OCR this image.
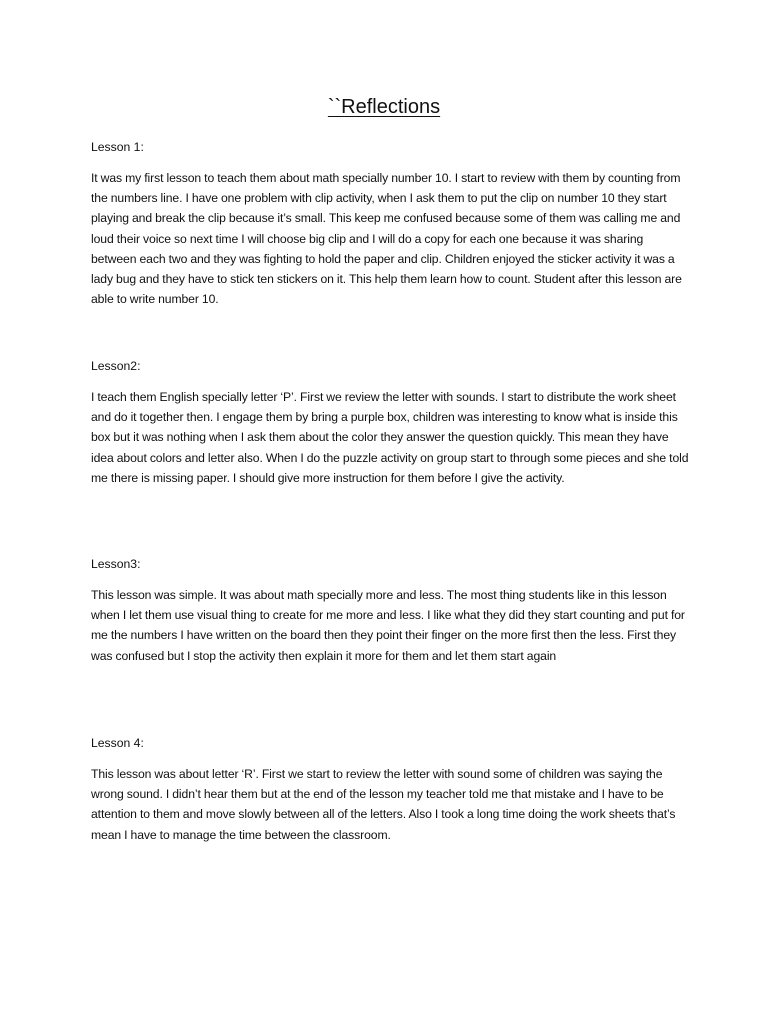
``Reflections

Lesson 1:

It was my first lesson to teach them about math specially number 10. I start to review with them by counting from the numbers line. I have one problem with clip activity, when I ask them to put the clip on number 10 they start playing and break the clip because it’s small. This keep me confused because some of them was calling me and loud their voice so next time I will choose big clip and I will do a copy for each one because it was sharing between each two and they was fighting to hold the paper and clip. Children enjoyed the sticker activity it was a lady bug and they have to stick ten stickers on it. This help them learn how to count. Student after this lesson are able to write number 10.

Lesson2:

I teach them English specially letter ‘P’. First we review the letter with sounds. I start to distribute the work sheet and do it together then. I engage them by bring a purple box, children was interesting to know what is inside this box but it was nothing when I ask them about the color they answer the question quickly. This mean they have idea about colors and letter also. When I do the puzzle activity on group start to through some pieces and she told me there is missing paper. I should give more instruction for them before I give the activity.

Lesson3:

This lesson was simple. It was about math specially more and less. The most thing students like in this lesson when I let them use visual thing to create for me more and less. I like what they did they start counting and put for me the numbers I have written on the board then they point their finger on the more first then the less. First they was confused but I stop the activity then explain it more for them and let them start again

Lesson 4:

This lesson was about letter ‘R’. First we start to review the letter with sound some of children was saying the wrong sound. I didn’t hear them but at the end of the lesson my teacher told me that mistake and I have to be attention to them and move slowly between all of the letters. Also I took a long time doing the work sheets that’s mean I have to manage the time between the classroom.
